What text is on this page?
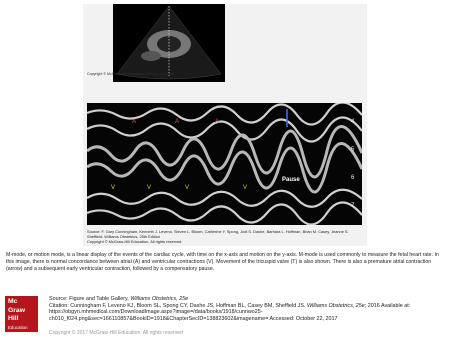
Copyright © McGraw-Hill Education. All rights reserved.
A	A	A
V	V	V	V
4
5
6
7
Pause
Source: F. Gary Cunningham, Kenneth J. Leveno, Steven L. Bloom, Catherine Y. Spong, Jodi S. Dashe, Barbara L. Hoffman, Brian M. Casey, Jeanne S. Sheffield: Williams Obstetrics, 25th Edition
Copyright © McGraw-Hill Education. All rights reserved.
M-mode, or motion mode, is a linear display of the events of the cardiac cycle, with time on the x-axis and motion on the y-axis. M-mode is used commonly to measure the fetal heart rate. In this image, there is normal concordance between atrial (A) and ventricular contractions (V). Movement of the tricuspid valve (T) is also shown. There is also a premature atrial contraction (arrow) and a subsequent early ventricular contraction, followed by a compensatory pause.
Mc
Graw
Hill
Education
Source: Figure and Table Gallery, Williams Obstetrics, 25e
Citation: Cunningham F, Leveno KJ, Bloom SL, Spong CY, Dashe JS, Hoffman BL, Casey BM, Sheffield JS. Williams Obstetrics, 25e; 2016 Available at: https://obgyn.mhmedical.com/DownloadImage.aspx?image=/data/books/1918/cunnwo25-ch010_f024.png&sec=166110857&BookID=1918&ChapterSecID=138823602&imagename= Accessed: October 22, 2017
Copyright © 2017 McGraw-Hill Education. All rights reserved
